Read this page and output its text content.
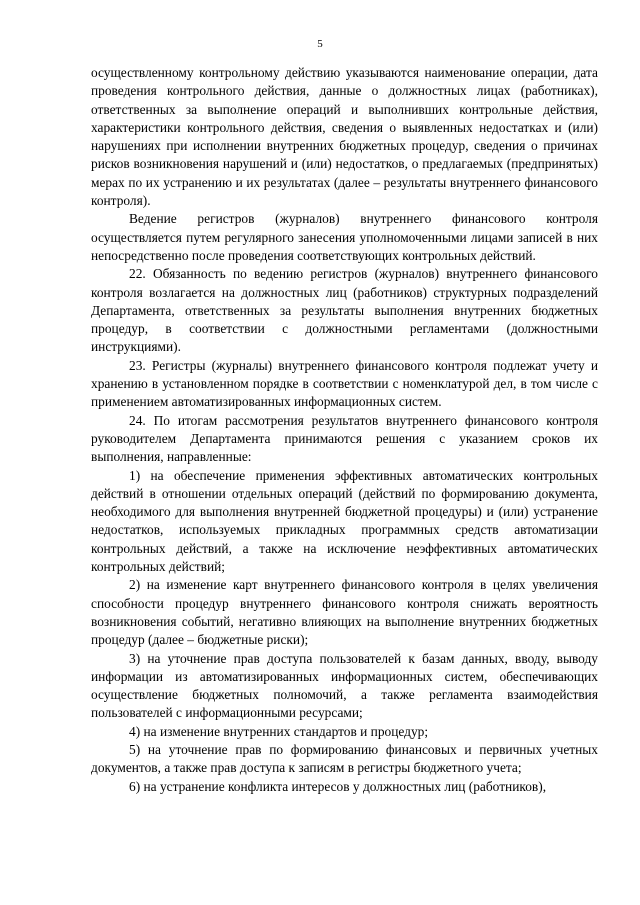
5

осуществленному контрольному действию указываются наименование операции, дата проведения контрольного действия, данные о должностных лицах (работниках), ответственных за выполнение операций и выполнивших контрольные действия, характеристики контрольного действия, сведения о выявленных недостатках и (или) нарушениях при исполнении внутренних бюджетных процедур, сведения о причинах рисков возникновения нарушений и (или) недостатков, о предлагаемых (предпринятых) мерах по их устранению и их результатах (далее – результаты внутреннего финансового контроля).

Ведение регистров (журналов) внутреннего финансового контроля осуществляется путем регулярного занесения уполномоченными лицами записей в них непосредственно после проведения соответствующих контрольных действий.

22. Обязанность по ведению регистров (журналов) внутреннего финансового контроля возлагается на должностных лиц (работников) структурных подразделений Департамента, ответственных за результаты выполнения внутренних бюджетных процедур, в соответствии с должностными регламентами (должностными инструкциями).

23. Регистры (журналы) внутреннего финансового контроля подлежат учету и хранению в установленном порядке в соответствии с номенклатурой дел, в том числе с применением автоматизированных информационных систем.

24. По итогам рассмотрения результатов внутреннего финансового контроля руководителем Департамента принимаются решения с указанием сроков их выполнения, направленные:

1) на обеспечение применения эффективных автоматических контрольных действий в отношении отдельных операций (действий по формированию документа, необходимого для выполнения внутренней бюджетной процедуры) и (или) устранение недостатков, используемых прикладных программных средств автоматизации контрольных действий, а также на исключение неэффективных автоматических контрольных действий;

2) на изменение карт внутреннего финансового контроля в целях увеличения способности процедур внутреннего финансового контроля снижать вероятность возникновения событий, негативно влияющих на выполнение внутренних бюджетных процедур (далее – бюджетные риски);

3) на уточнение прав доступа пользователей к базам данных, вводу, выводу информации из автоматизированных информационных систем, обеспечивающих осуществление бюджетных полномочий, а также регламента взаимодействия пользователей с информационными ресурсами;

4) на изменение внутренних стандартов и процедур;

5) на уточнение прав по формированию финансовых и первичных учетных документов, а также прав доступа к записям в регистры бюджетного учета;

6) на устранение конфликта интересов у должностных лиц (работников),
